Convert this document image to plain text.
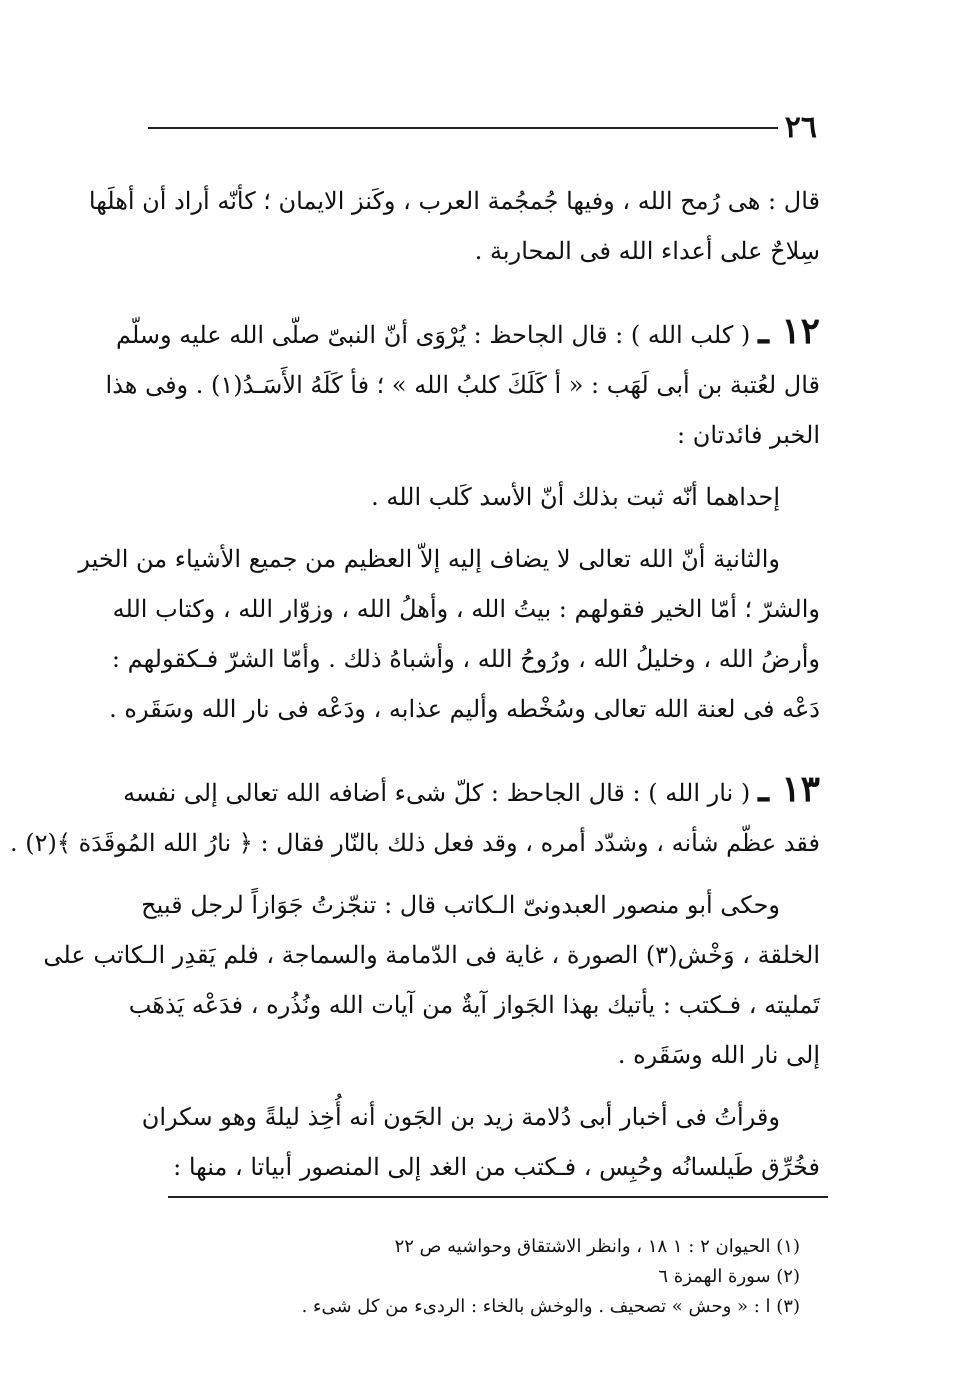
٢٦
قال : هى رُمح الله ، وفيها جُمجُمة العرب ، وكَنز الايمان ؛ كأنّه أراد أن أهلَها
سِلاحٌ على أعداء الله فى المحاربة .
١٢ ـ( كلب الله ) : قال الجاحظ : يُرْوَى أنّ النبىّ صلّى الله عليه وسلّم
قال لعُتبة بن أبى لَهَب : « أ كَلَكَ كلبُ الله » ؛ فأ كَلَهُ الأَسَـدُ(١) . وفى هذا
الخبر فائدتان :
إحداهما أنّه ثبت بذلك أنّ الأسد كَلب الله .
والثانية أنّ الله تعالى لا يضاف إليه إلاّ العظيم من جميع الأشياء من الخير
والشرّ ؛ أمّا الخير فقولهم : بيتُ الله ، وأهلُ الله ، وزوّار الله ، وكتاب الله
وأرضُ الله ، وخليلُ الله ، ورُوحُ الله ، وأشباهُ ذلك . وأمّا الشرّ فـكقولهم :
دَعْه فى لعنة الله تعالى وسُخْطه وأليم عذابه ، ودَعْه فى نار الله وسَقَره .
١٣ ـ( نار الله ) : قال الجاحظ : كلّ شىء أضافه الله تعالى إلى نفسه
فقد عظّم شأنه ، وشدّد أمره ، وقد فعل ذلك بالنّار فقال : ﴿ نارُ الله المُوقَدَة ﴾(٢) .
وحكى أبو منصور العبدونىّ الـكاتب قال : تنجّزتُ جَوَازاً لرجل قبيح
الخلقة ، وَخْش(٣) الصورة ، غاية فى الدّمامة والسماجة ، فلم يَقدِر الـكاتب على
تَمليته ، فـكتب : يأتيك بهذا الجَواز آيةٌ من آيات الله ونُذُره ، فدَعْه يَذهَب
إلى نار الله وسَقَره .
وقرأتُ فى أخبار أبى دُلامة زيد بن الجَون أنه أُخِذ ليلةً وهو سكران
فخُرِّق طَيلسانُه وحُبِس ، فـكتب من الغد إلى المنصور أبياتا ، منها :
(١) الحيوان ٢ : ١ ١٨ ، وانظر الاشتقاق وحواشيه ص ٢٢
(٢) سورة الهمزة ٦
(٣) ا : « وحش » تصحيف . والوخش بالخاء : الردىء من كل شىء .
